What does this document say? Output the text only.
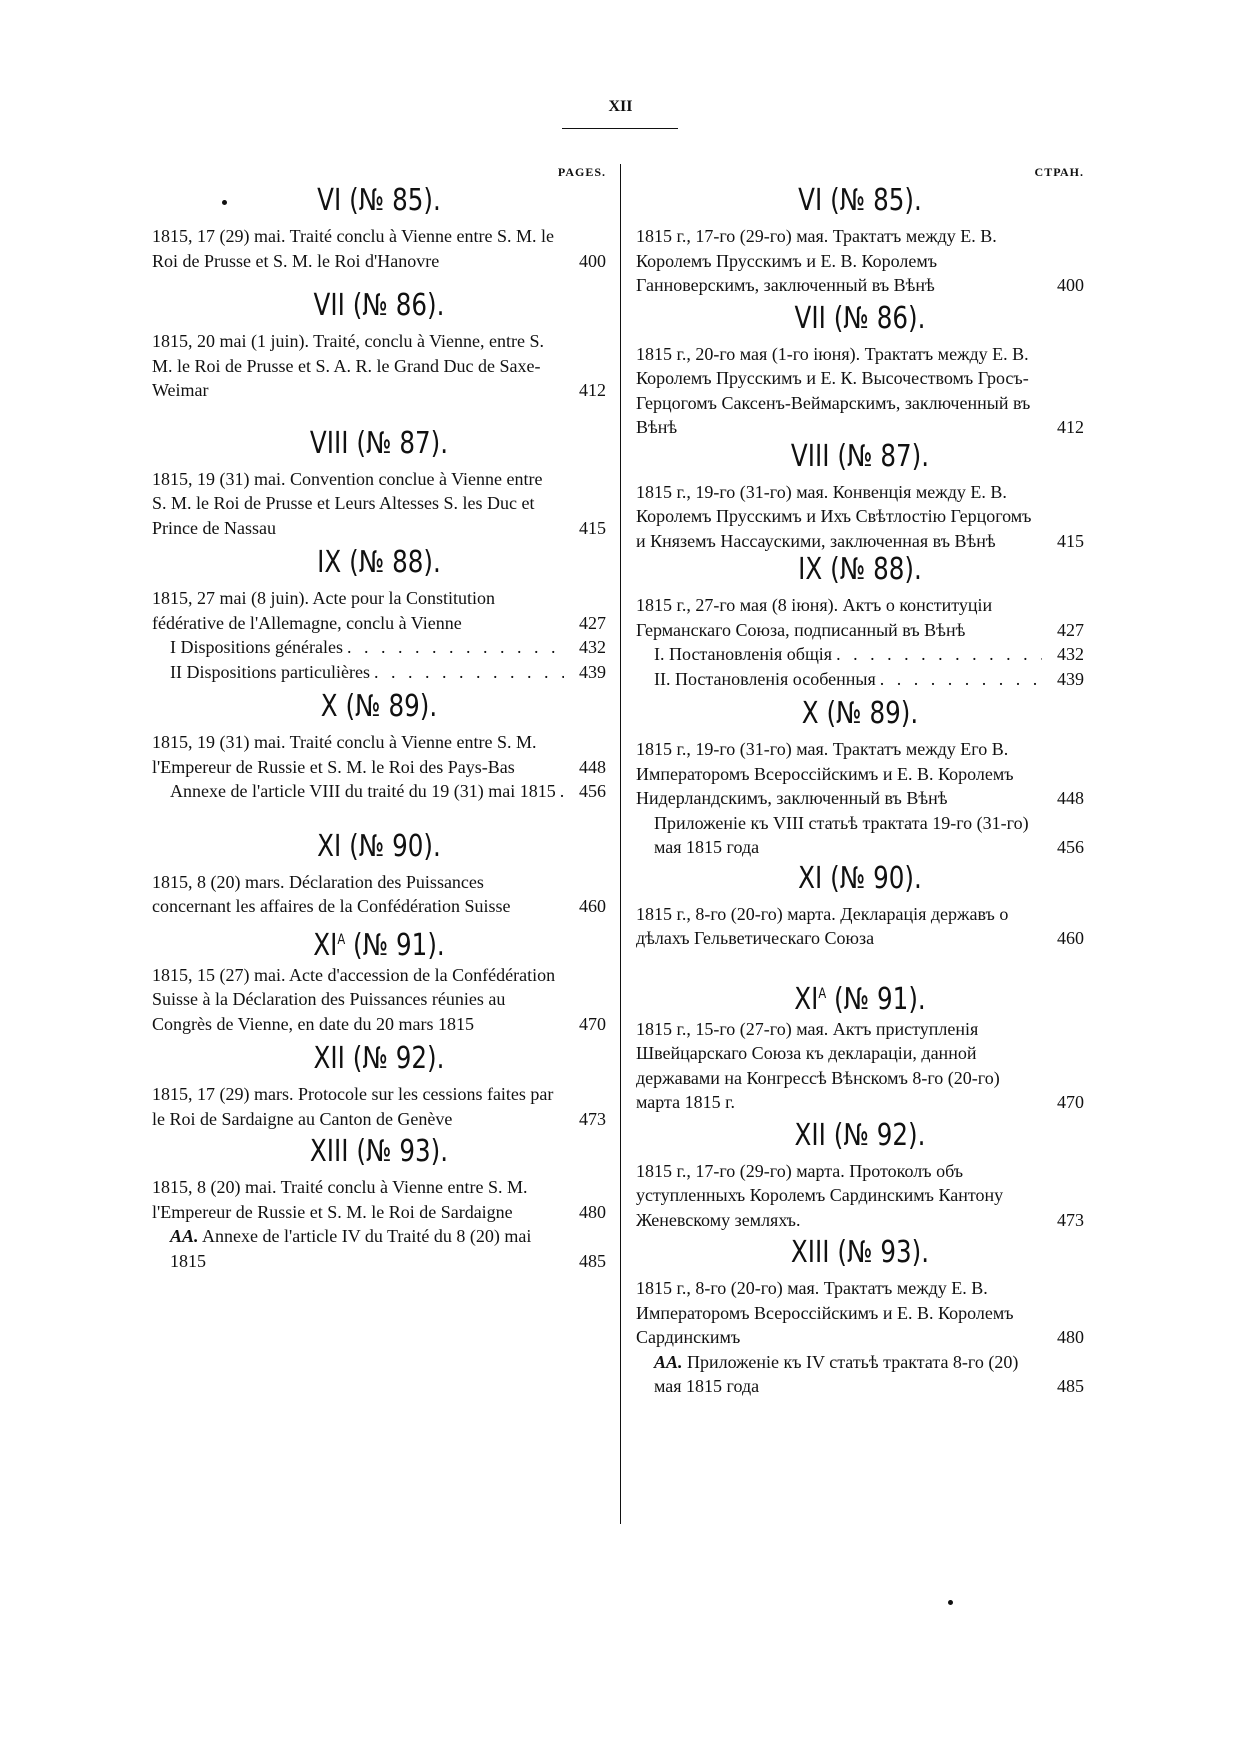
XII
PAGES.
VI (№ 85).
1815, 17 (29) mai. Traité conclu à Vienne entre S. M. le Roi de Prusse et S. M. le Roi d'Hanovre	400
VII (№ 86).
1815, 20 mai (1 juin). Traité, conclu à Vienne, entre S. M. le Roi de Prusse et S. A. R. le Grand Duc de Saxe-Weimar	412
VIII (№ 87).
1815, 19 (31) mai. Convention conclue à Vienne entre S. M. le Roi de Prusse et Leurs Altesses S. les Duc et Prince de Nassau	415
IX (№ 88).
1815, 27 mai (8 juin). Acte pour la Constitution fédérative de l'Allemagne, conclu à Vienne	427
I Dispositions générales . . .	432
II Dispositions particulières . . .	439
X (№ 89).
1815, 19 (31) mai. Traité conclu à Vienne entre S. M. l'Empereur de Russie et S. M. le Roi des Pays-Bas	448
Annexe de l'article VIII du traité du 19 (31) mai 1815 . . .	456
XI (№ 90).
1815, 8 (20) mars. Déclaration des Puissances concernant les affaires de la Confédération Suisse	460
$XI^A$ (№ 91).
1815, 15 (27) mai. Acte d'accession de la Confédération Suisse à la Déclaration des Puissances réunies au Congrès de Vienne, en date du 20 mars 1815	470
XII (№ 92).
1815, 17 (29) mars. Protocole sur les cessions faites par le Roi de Sardaigne au Canton de Genève	473
XIII (№ 93).
1815, 8 (20) mai. Traité conclu à Vienne entre S. M. l'Empereur de Russie et S. M. le Roi de Sardaigne	480
AA. Annexe de l'article IV du Traité du 8 (20) mai 1815	485
СТРАН.
VI (№ 85).
1815 г., 17-го (29-го) мая. Трактатъ между Е. В. Королемъ Прусскимъ и Е. В. Королемъ Ганноверскимъ, заключенный въ Вѣнѣ	400
VII (№ 86).
1815 г., 20-го мая (1-го іюня). Трактатъ между Е. В. Королемъ Прусскимъ и Е. К. Высочествомъ Гросъ-Герцогомъ Саксенъ-Веймарскимъ, заключенный въ Вѣнѣ	412
VIII (№ 87).
1815 г., 19-го (31-го) мая. Конвенція между Е. В. Королемъ Прусскимъ и Ихъ Свѣтлостію Герцогомъ и Княземъ Нассаускими, заключенная въ Вѣнѣ	415
IX (№ 88).
1815 г., 27-го мая (8 іюня). Актъ о конституціи Германскаго Союза, подписанный въ Вѣнѣ	427
I. Постановленія общія . . .	432
II. Постановленія особенныя . . .	439
X (№ 89).
1815 г., 19-го (31-го) мая. Трактатъ между Его В. Императоромъ Всероссійскимъ и Е. В. Королемъ Нидерландскимъ, заключенный въ Вѣнѣ	448
Приложеніе къ VIII статьѣ трактата 19-го (31-го) мая 1815 года	456
XI (№ 90).
1815 г., 8-го (20-го) марта. Декларація державъ о дѣлахъ Гельветическаго Союза	460
$XI^A$ (№ 91).
1815 г., 15-го (27-го) мая. Актъ приступленія Швейцарскаго Союза къ деклараціи, данной державами на Конгрессѣ Вѣнскомъ 8-го (20-го) марта 1815 г.	470
XII (№ 92).
1815 г., 17-го (29-го) марта. Протоколъ объ уступленныхъ Королемъ Сардинскимъ Кантону Женевскому земляхъ.	473
XIII (№ 93).
1815 г., 8-го (20-го) мая. Трактатъ между Е. В. Императоромъ Всероссійскимъ и Е. В. Королемъ Сардинскимъ	480
AA. Приложеніе къ IV статьѣ трактата 8-го (20) мая 1815 года	485
